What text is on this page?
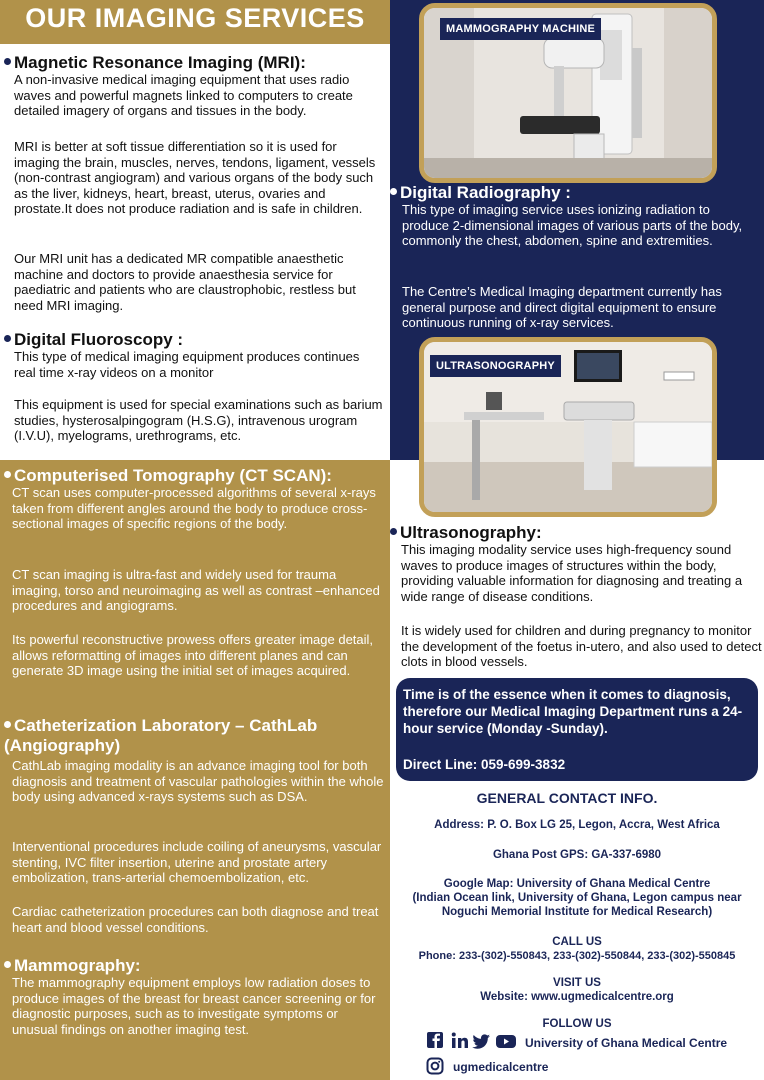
OUR IMAGING SERVICES
Magnetic Resonance Imaging (MRI):
A non-invasive medical imaging equipment that uses radio waves and powerful magnets linked to computers to create detailed imagery of organs and tissues in the body.
MRI is better at soft tissue differentiation so it is used for imaging the brain, muscles, nerves, tendons, ligament, vessels (non-contrast angiogram) and various organs of the body such as the liver, kidneys, heart, breast, uterus, ovaries and prostate.It does not produce radiation and is safe in children.
Our MRI unit has a dedicated MR compatible anaesthetic machine and doctors to provide anaesthesia service for paediatric and patients who are claustrophobic, restless but need MRI imaging.
Digital Fluoroscopy :
This type of medical imaging equipment produces continues real time x-ray videos on a monitor
This equipment is used for special examinations such as barium studies, hysterosalpingogram (H.S.G), intravenous urogram (I.V.U), myelograms, urethrograms, etc.
Computerised Tomography (CT SCAN):
CT scan uses computer-processed algorithms of several x-rays taken from different angles around the body to produce cross-sectional images of specific regions of the body.
CT scan imaging is ultra-fast and widely used for trauma imaging, torso and neuroimaging as well as contrast –enhanced procedures and angiograms.
Its powerful reconstructive prowess offers greater image detail, allows reformatting of images into different planes and can generate 3D image using the initial set of images acquired.
Catheterization Laboratory – CathLab (Angiography)
CathLab imaging modality is an advance imaging tool for both diagnosis and treatment of vascular pathologies within the whole body using advanced x-rays systems such as DSA.
Interventional procedures include coiling of aneurysms, vascular stenting, IVC filter insertion, uterine and prostate artery embolization, trans-arterial chemoembolization, etc.
Cardiac catheterization procedures can both diagnose and treat heart and blood vessel conditions.
Mammography:
The mammography equipment employs low radiation doses to produce images of the breast for breast cancer screening or for diagnostic purposes, such as to investigate symptoms or unusual findings on another imaging test.
MAMMOGRAPHY MACHINE
Digital Radiography :
This type of imaging service uses ionizing radiation to produce 2-dimensional images of various parts of the body, commonly the chest, abdomen, spine and extremities.
The Centre’s Medical Imaging department currently has general purpose and direct digital equipment to ensure continuous running of x-ray services.
ULTRASONOGRAPHY
Ultrasonography:
This imaging modality service uses high-frequency sound waves to produce images of structures within the body, providing valuable information for diagnosing and treating a wide range of disease conditions.
It is widely used for children and during pregnancy to monitor the development of the foetus in-utero, and also used to detect clots in blood vessels.
Time is of the essence when it comes to diagnosis, therefore our Medical Imaging Department runs a 24- hour service (Monday -Sunday).
Direct Line: 059-699-3832
GENERAL CONTACT INFO.
Address: P. O. Box LG 25, Legon, Accra, West Africa
Ghana Post GPS: GA-337-6980
Google Map: University of Ghana Medical Centre
(Indian Ocean link, University of Ghana, Legon campus near
Noguchi Memorial Institute for Medical Research)
CALL US
Phone: 233-(302)-550843, 233-(302)-550844, 233-(302)-550845
VISIT US
Website: www.ugmedicalcentre.org
FOLLOW US
University of Ghana Medical Centre
ugmedicalcentre
